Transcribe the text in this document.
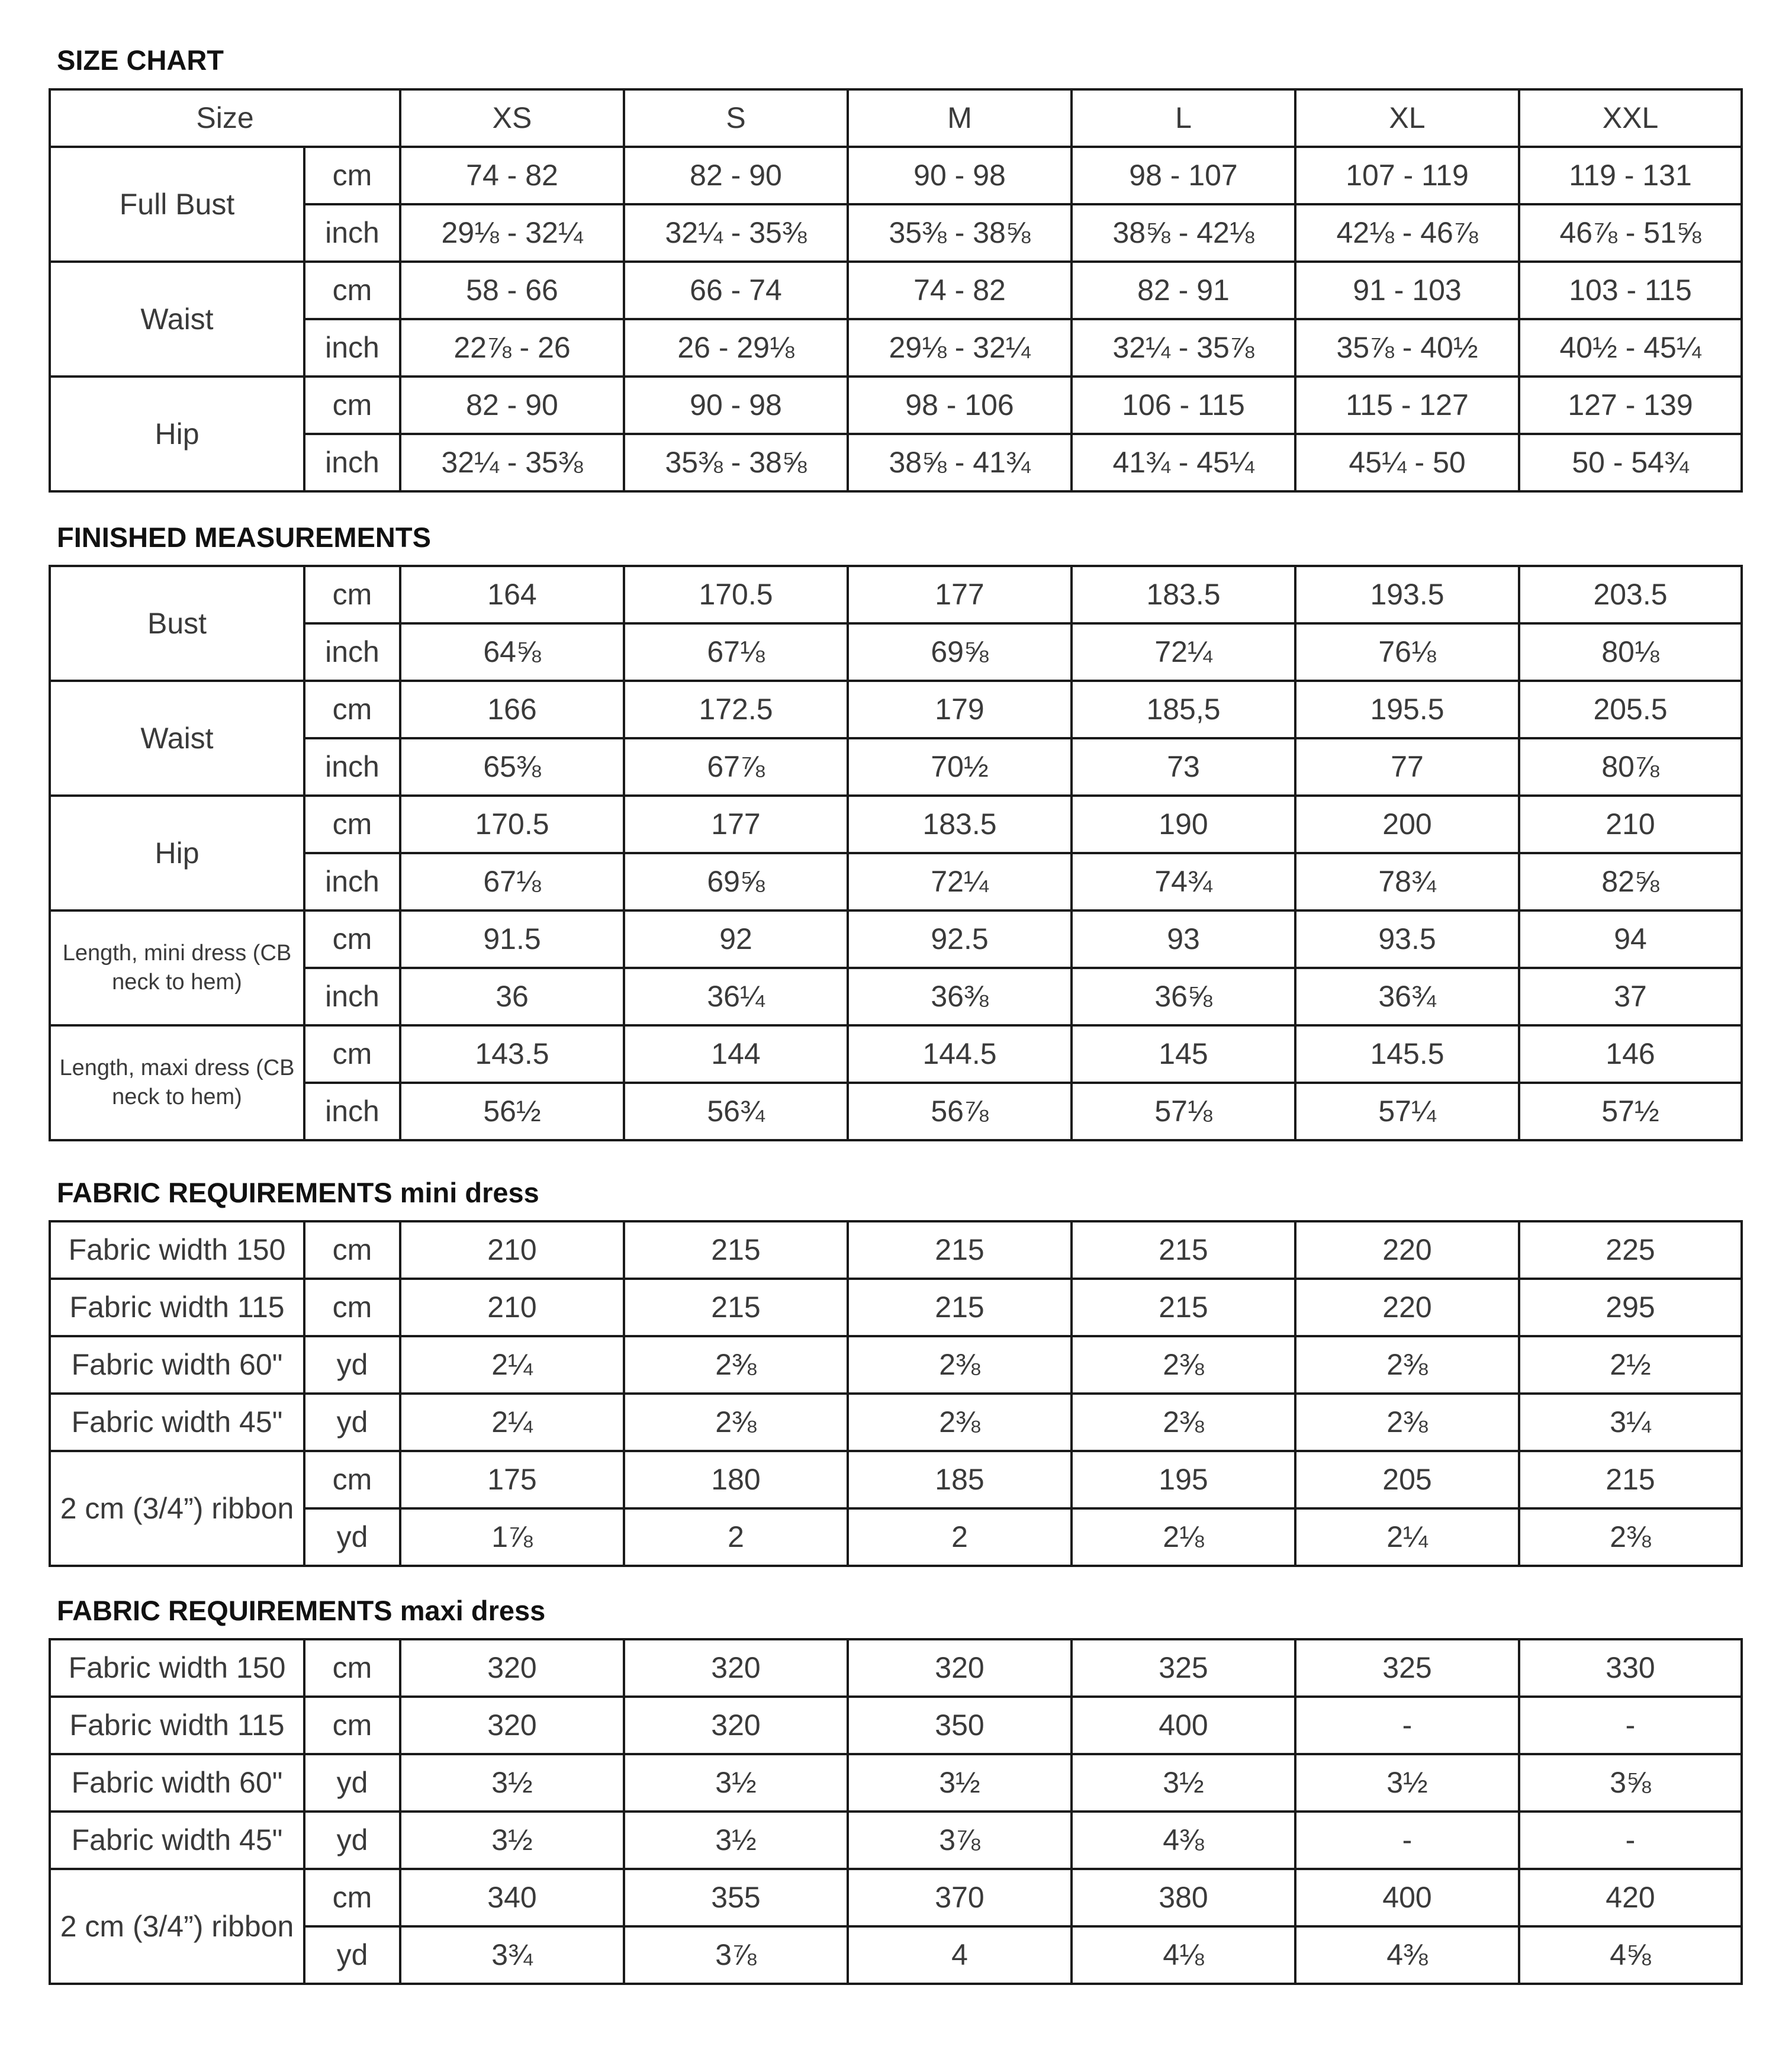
SIZE CHART
Size		XS	S	M	L	XL	XXL
Full Bust	cm	74 - 82	82 - 90	90 - 98	98 - 107	107 - 119	119 - 131
	inch	29⅛ - 32¼	32¼ - 35⅜	35⅜ - 38⅝	38⅝ - 42⅛	42⅛ - 46⅞	46⅞ - 51⅝
Waist	cm	58 - 66	66 - 74	74 - 82	82 - 91	91 - 103	103 - 115
	inch	22⅞ - 26	26 - 29⅛	29⅛ - 32¼	32¼ - 35⅞	35⅞ - 40½	40½ - 45¼
Hip	cm	82 - 90	90 - 98	98 - 106	106 - 115	115 - 127	127 - 139
	inch	32¼ - 35⅜	35⅜ - 38⅝	38⅝ - 41¾	41¾ - 45¼	45¼ - 50	50 - 54¾
FINISHED MEASUREMENTS
Bust	cm	164	170.5	177	183.5	193.5	203.5
	inch	64⅝	67⅛	69⅝	72¼	76⅛	80⅛
Waist	cm	166	172.5	179	185,5	195.5	205.5
	inch	65⅜	67⅞	70½	73	77	80⅞
Hip	cm	170.5	177	183.5	190	200	210
	inch	67⅛	69⅝	72¼	74¾	78¾	82⅝
Length, mini dress (CB neck to hem)	cm	91.5	92	92.5	93	93.5	94
	inch	36	36¼	36⅜	36⅝	36¾	37
Length, maxi dress (CB neck to hem)	cm	143.5	144	144.5	145	145.5	146
	inch	56½	56¾	56⅞	57⅛	57¼	57½
FABRIC REQUIREMENTS mini dress
Fabric width 150	cm	210	215	215	215	220	225
Fabric width 115	cm	210	215	215	215	220	295
Fabric width 60"	yd	2¼	2⅜	2⅜	2⅜	2⅜	2½
Fabric width 45"	yd	2¼	2⅜	2⅜	2⅜	2⅜	3¼
2 cm (3/4”) ribbon	cm	175	180	185	195	205	215
	yd	1⅞	2	2	2⅛	2¼	2⅜
FABRIC REQUIREMENTS maxi dress
Fabric width 150	cm	320	320	320	325	325	330
Fabric width 115	cm	320	320	350	400	-	-
Fabric width 60"	yd	3½	3½	3½	3½	3½	3⅝
Fabric width 45"	yd	3½	3½	3⅞	4⅜	-	-
2 cm (3/4”) ribbon	cm	340	355	370	380	400	420
	yd	3¾	3⅞	4	4⅛	4⅜	4⅝
